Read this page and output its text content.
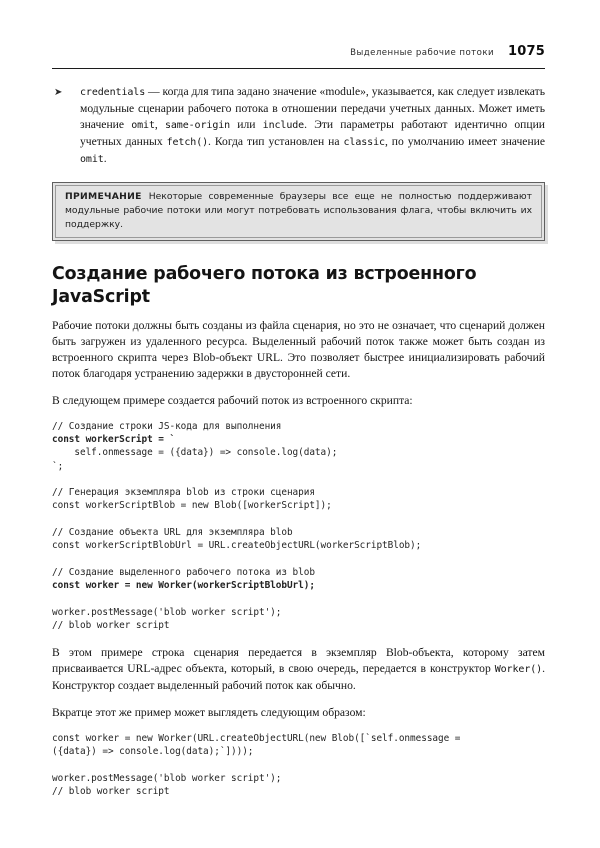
Выделенные рабочие потоки 1075
➤ credentials — когда для типа задано значение «module», указывается, как следует извлекать модульные сценарии рабочего потока в отношении передачи учетных данных. Может иметь значение omit, same-origin или include. Эти параметры работают идентично опции учетных данных fetch(). Когда тип установлен на classic, по умолчанию имеет значение omit.

ПРИМЕЧАНИЕ Некоторые современные браузеры все еще не полностью поддерживают модульные рабочие потоки или могут потребовать использования флага, чтобы включить их поддержку.

Создание рабочего потока из встроенного JavaScript

Рабочие потоки должны быть созданы из файла сценария, но это не означает, что сценарий должен быть загружен из удаленного ресурса. Выделенный рабочий поток также может быть создан из встроенного скрипта через Blob-объект URL. Это позволяет быстрее инициализировать рабочий поток благодаря устранению задержки в двусторонней сети.

В следующем примере создается рабочий поток из встроенного скрипта:

// Создание строки JS-кода для выполнения
const workerScript = `
self.onmessage = ({data}) => console.log(data);
`;

// Генерация экземпляра blob из строки сценария
const workerScriptBlob = new Blob([workerScript]);

// Создание объекта URL для экземпляра blob
const workerScriptBlobUrl = URL.createObjectURL(workerScriptBlob);

// Создание выделенного рабочего потока из blob
const worker = new Worker(workerScriptBlobUrl);

worker.postMessage('blob worker script');
// blob worker script

В этом примере строка сценария передается в экземпляр Blob-объекта, которому затем присваивается URL-адрес объекта, который, в свою очередь, передается в конструктор Worker(). Конструктор создает выделенный рабочий поток как обычно.

Вкратце этот же пример может выглядеть следующим образом:

const worker = new Worker(URL.createObjectURL(new Blob([`self.onmessage =
({data}) => console.log(data);`])));

worker.postMessage('blob worker script');
// blob worker script
